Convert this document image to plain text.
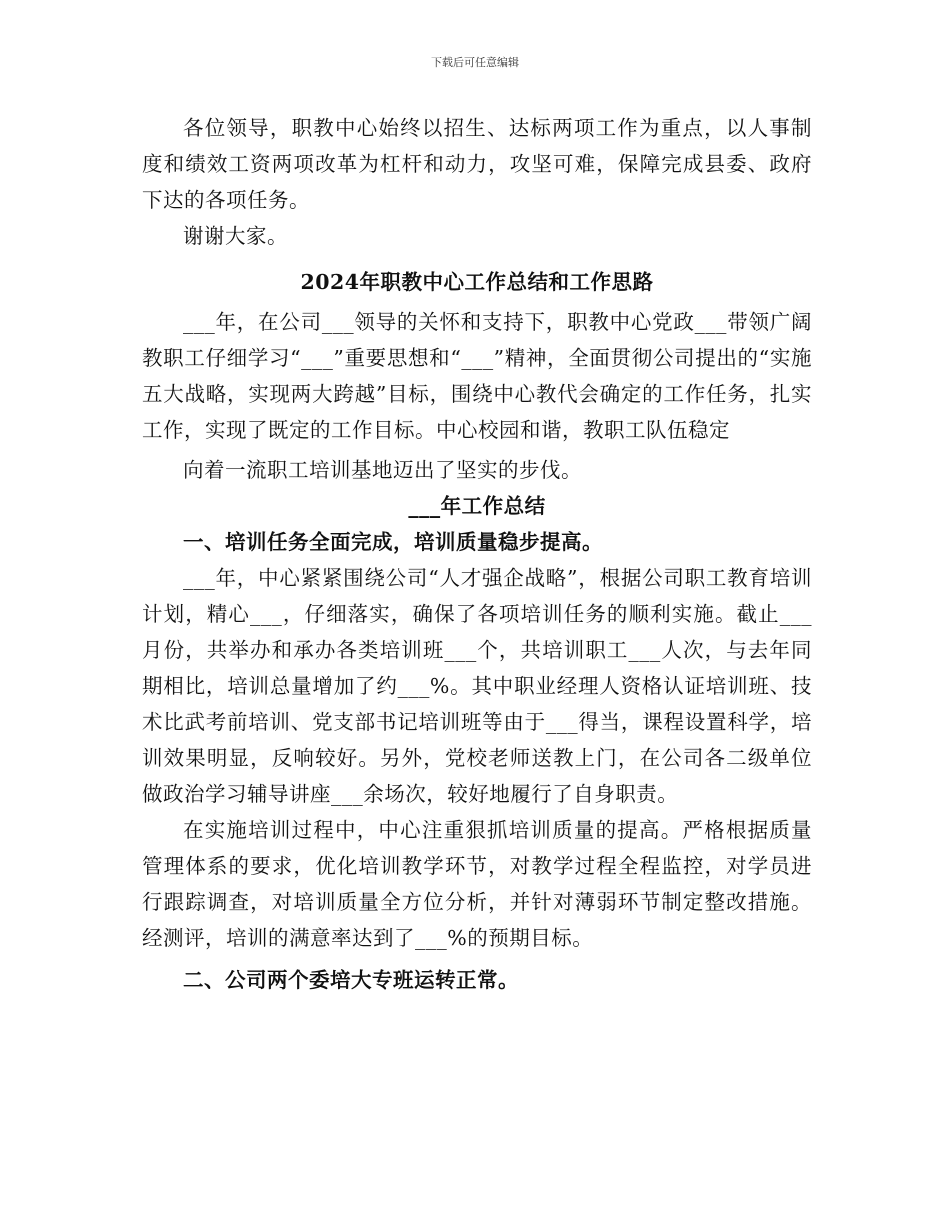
下载后可任意编辑

各位领导，职教中心始终以招生、达标两项工作为重点，以人事制度和绩效工资两项改革为杠杆和动力，攻坚可难，保障完成县委、政府下达的各项任务。

谢谢大家。

2024年职教中心工作总结和工作思路

___年，在公司___领导的关怀和支持下，职教中心党政___带领广阔教职工仔细学习“___”重要思想和“___”精神，全面贯彻公司提出的“实施五大战略，实现两大跨越”目标，围绕中心教代会确定的工作任务，扎实工作，实现了既定的工作目标。中心校园和谐，教职工队伍稳定

向着一流职工培训基地迈出了坚实的步伐。

___年工作总结

一、培训任务全面完成，培训质量稳步提高。

___年，中心紧紧围绕公司“人才强企战略”，根据公司职工教育培训计划，精心___，仔细落实，确保了各项培训任务的顺利实施。截止___月份，共举办和承办各类培训班___个，共培训职工___人次，与去年同期相比，培训总量增加了约___%。其中职业经理人资格认证培训班、技术比武考前培训、党支部书记培训班等由于___得当，课程设置科学，培训效果明显，反响较好。另外，党校老师送教上门，在公司各二级单位做政治学习辅导讲座___余场次，较好地履行了自身职责。

在实施培训过程中，中心注重狠抓培训质量的提高。严格根据质量管理体系的要求，优化培训教学环节，对教学过程全程监控，对学员进行跟踪调查，对培训质量全方位分析，并针对薄弱环节制定整改措施。经测评，培训的满意率达到了___%的预期目标。

二、公司两个委培大专班运转正常。
